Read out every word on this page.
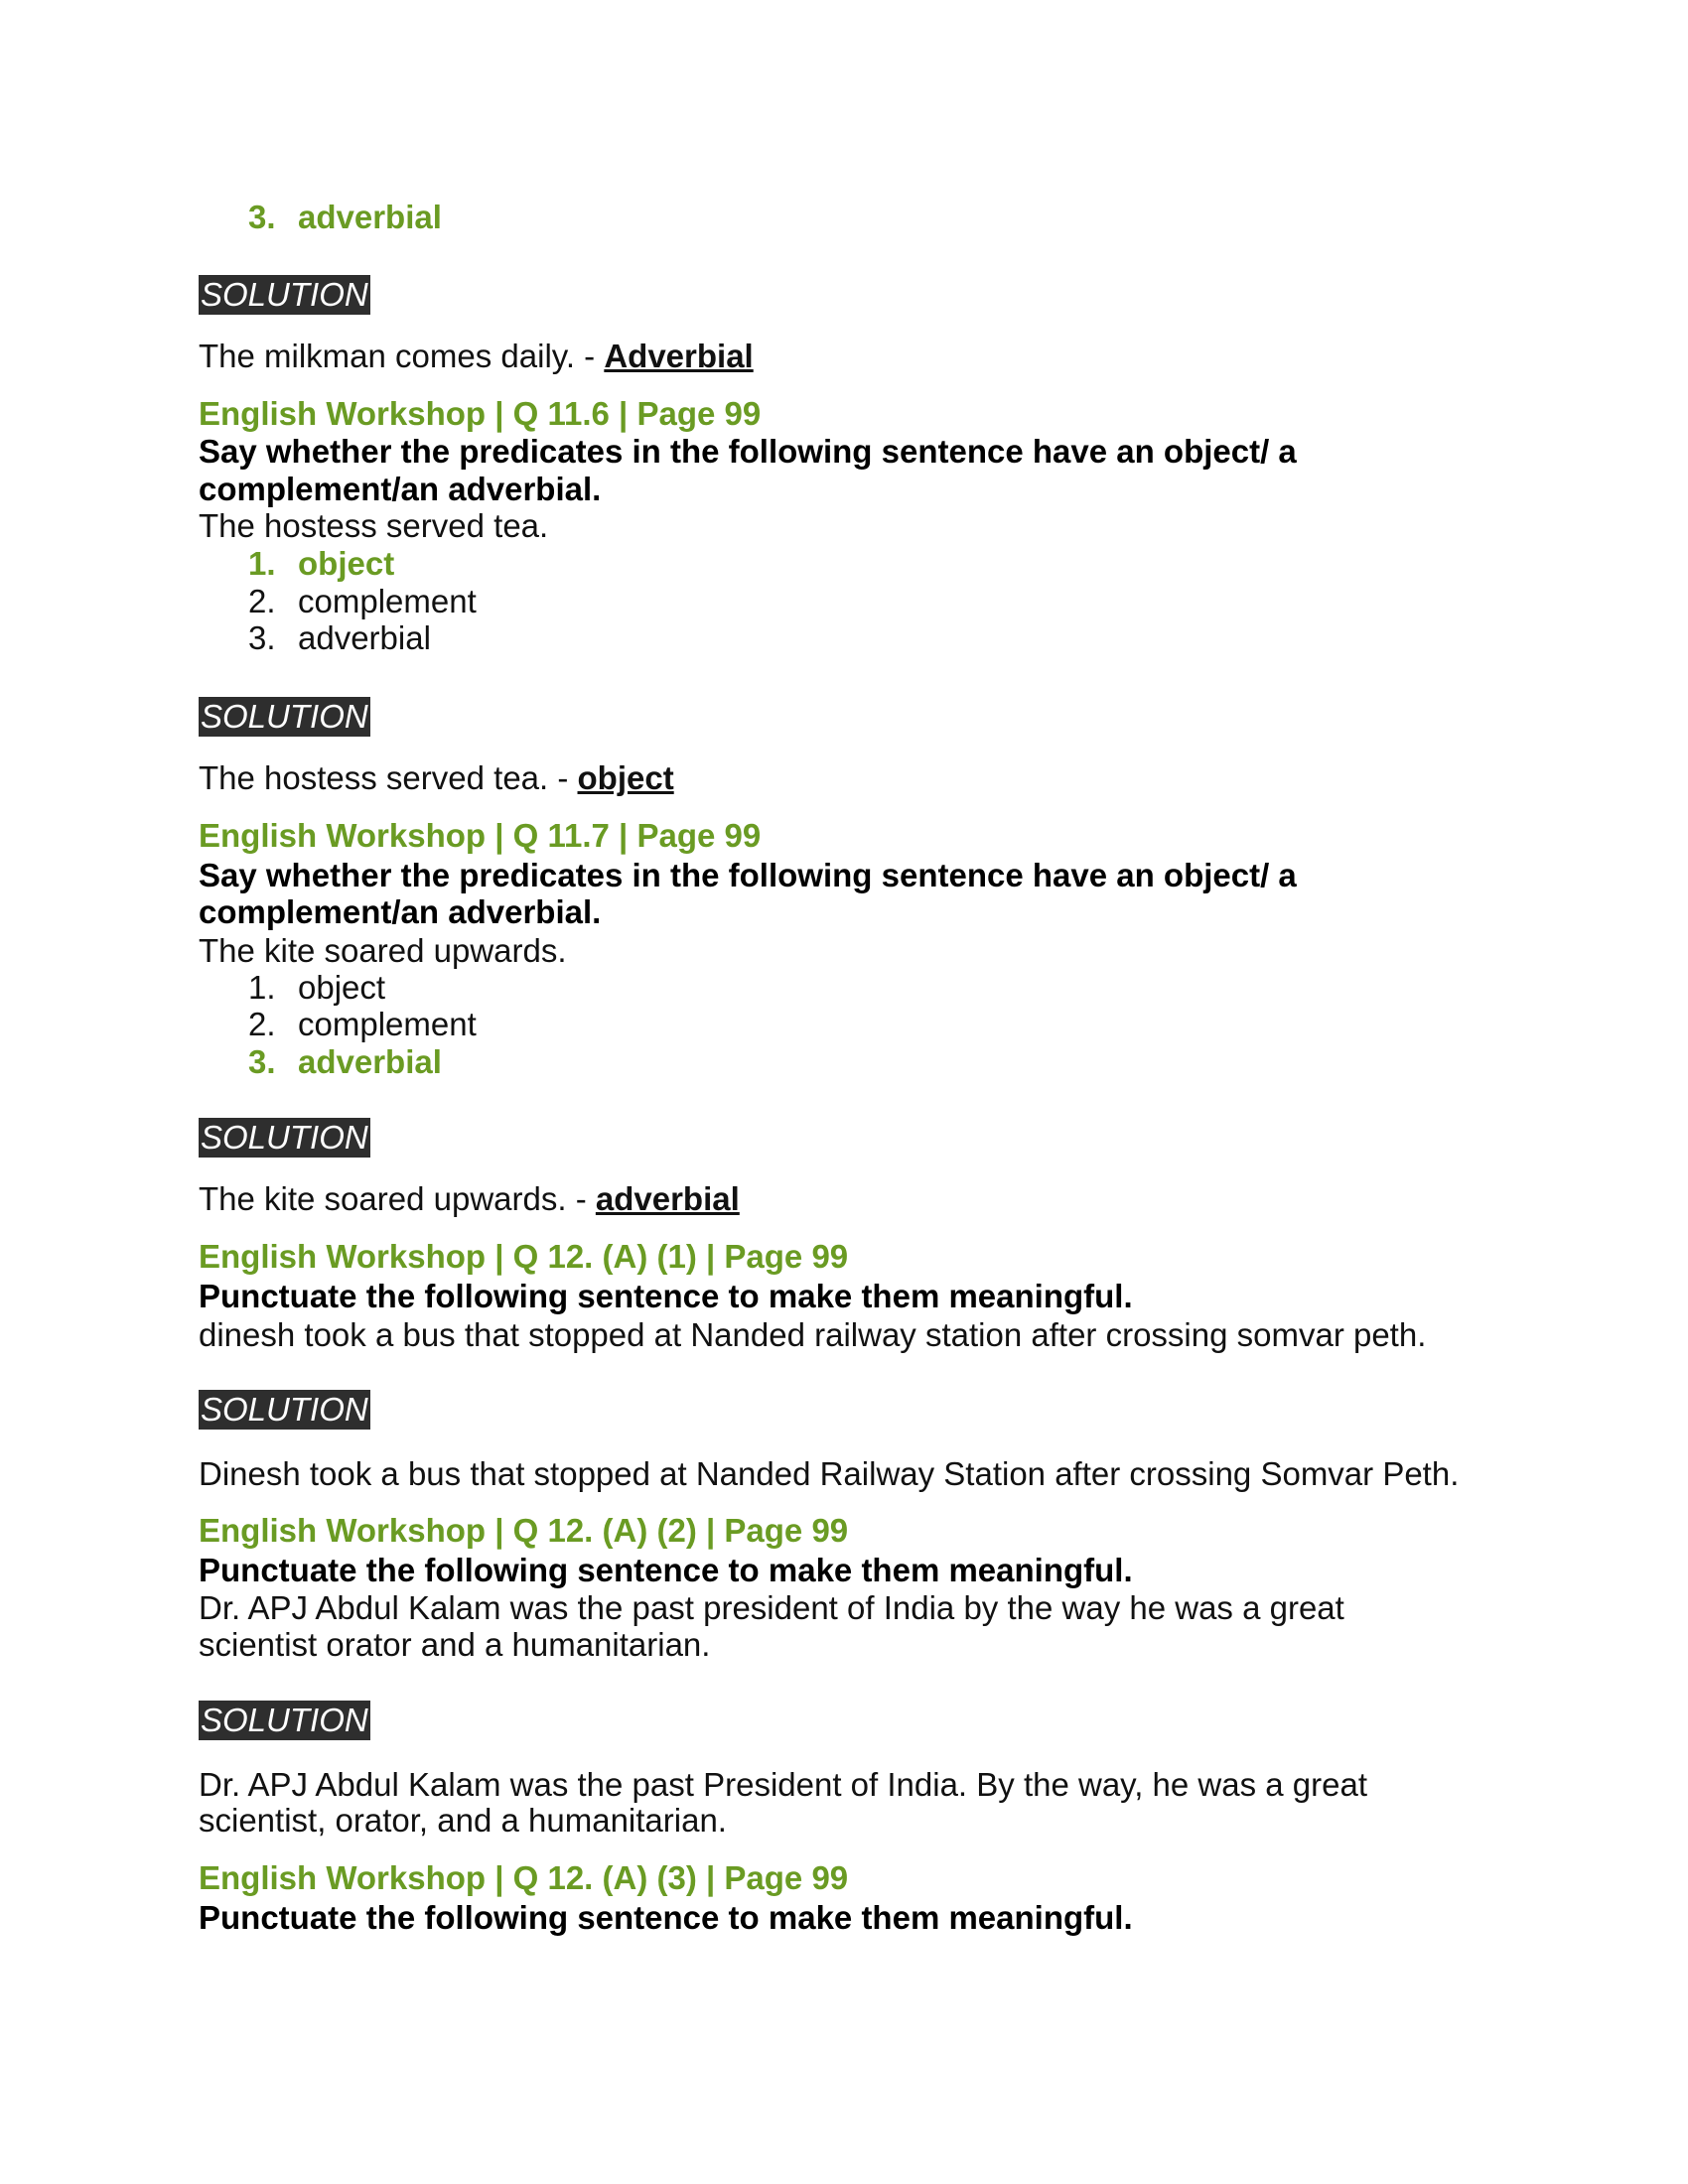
3. adverbial
SOLUTION
The milkman comes daily. - Adverbial
English Workshop | Q 11.6 | Page 99
Say whether the predicates in the following sentence have an object/ a
complement/an adverbial.
The hostess served tea.
1. object
2. complement
3. adverbial
SOLUTION
The hostess served tea. - object
English Workshop | Q 11.7 | Page 99
Say whether the predicates in the following sentence have an object/ a
complement/an adverbial.
The kite soared upwards.
1. object
2. complement
3. adverbial
SOLUTION
The kite soared upwards. - adverbial
English Workshop | Q 12. (A) (1) | Page 99
Punctuate the following sentence to make them meaningful.
dinesh took a bus that stopped at Nanded railway station after crossing somvar peth.
SOLUTION
Dinesh took a bus that stopped at Nanded Railway Station after crossing Somvar Peth.
English Workshop | Q 12. (A) (2) | Page 99
Punctuate the following sentence to make them meaningful.
Dr. APJ Abdul Kalam was the past president of India by the way he was a great
scientist orator and a humanitarian.
SOLUTION
Dr. APJ Abdul Kalam was the past President of India. By the way, he was a great
scientist, orator, and a humanitarian.
English Workshop | Q 12. (A) (3) | Page 99
Punctuate the following sentence to make them meaningful.
